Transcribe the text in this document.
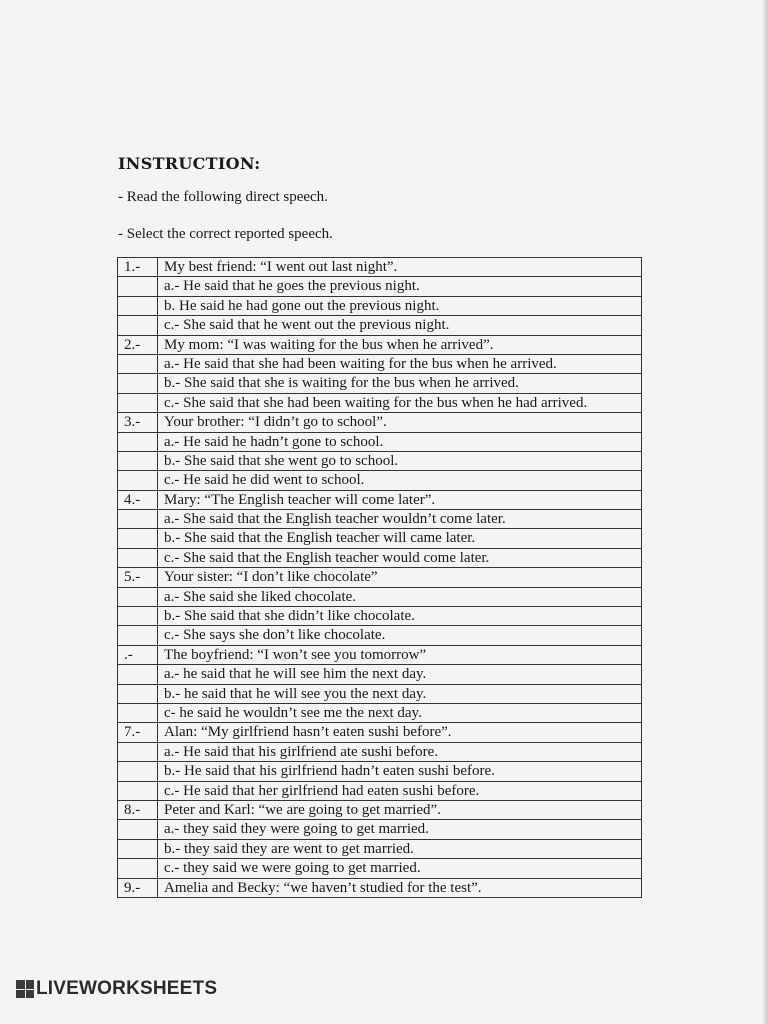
INSTRUCTION:

- Read the following direct speech.

- Select the correct reported speech.

1.-	My best friend: “I went out last night”.
	a.- He said that he goes the previous night.
	b. He said he had gone out the previous night.
	c.- She said that he went out the previous night.
2.-	My mom: “I was waiting for the bus when he arrived”.
	a.- He said that she had been waiting for the bus when he arrived.
	b.- She said that she is waiting for the bus when he arrived.
	c.- She said that she had been waiting for the bus when he had arrived.
3.-	Your brother: “I didn’t go to school”.
	a.- He said he hadn’t gone to school.
	b.- She said that she went go to school.
	c.- He said he did went to school.
4.-	Mary: “The English teacher will come later”.
	a.- She said that the English teacher wouldn’t come later.
	b.- She said that the English teacher will came later.
	c.- She said that the English teacher would come later.
5.-	Your sister: “I don’t like chocolate”
	a.- She said she liked chocolate.
	b.- She said that she didn’t like chocolate.
	c.- She says she don’t like chocolate.
.-	The boyfriend: “I won’t see you tomorrow”
	a.- he said that he will see him the next day.
	b.- he said that he will see you the next day.
	c- he said he wouldn’t see me the next day.
7.-	Alan: “My girlfriend hasn’t eaten sushi before”.
	a.- He said that his girlfriend ate sushi before.
	b.- He said that his girlfriend hadn’t eaten sushi before.
	c.- He said that her girlfriend had eaten sushi before.
8.-	Peter and Karl: “we are going to get married”.
	a.- they said they were going to get married.
	b.- they said they are went to get married.
	c.- they said we were going to get married.
9.-	Amelia and Becky: “we haven’t studied for the test”.
LIVEWORKSHEETS
